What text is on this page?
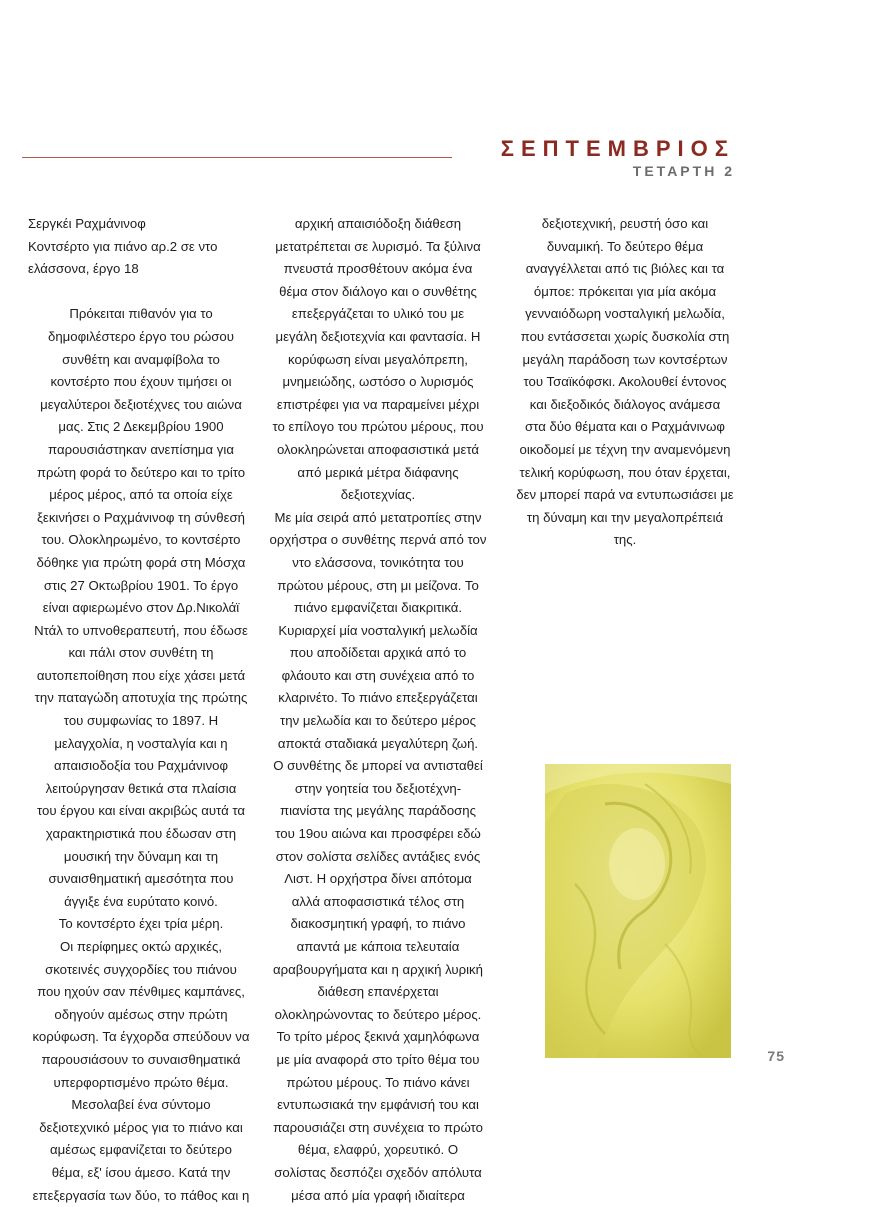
ΣΕΠΤΕΜΒΡΙΟΣ
ΤΕΤΑΡΤΗ 2

Σεργκέι Ραχμάνινοφ

Κοντσέρτο για πιάνο αρ.2 σε ντο

ελάσσονα, έργο 18

Πρόκειται πιθανόν για το

δημοφιλέστερο έργο του ρώσου

συνθέτη και αναμφίβολα το

κοντσέρτο που έχουν τιμήσει οι

μεγαλύτεροι δεξιοτέχνες του αιώνα

μας. Στις 2 Δεκεμβρίου 1900

παρουσιάστηκαν ανεπίσημα για

πρώτη φορά το δεύτερο και το τρίτο

μέρος μέρος, από τα οποία είχε

ξεκινήσει ο Ραχμάνινοφ τη σύνθεσή

του. Ολοκληρωμένο, το κοντσέρτο

δόθηκε για πρώτη φορά στη Μόσχα

στις 27 Οκτωβρίου 1901. Το έργο

είναι αφιερωμένο στον Δρ.Νικολάϊ

Ντάλ το υπνοθεραπευτή, που έδωσε

και πάλι στον συνθέτη τη

αυτοπεποίθηση που είχε χάσει μετά

την παταγώδη αποτυχία της πρώτης

του συμφωνίας το 1897. Η

μελαγχολία, η νοσταλγία και η

απαισιοδοξία του Ραχμάνινοφ

λειτούργησαν θετικά στα πλαίσια

του έργου και είναι ακριβώς αυτά τα

χαρακτηριστικά που έδωσαν στη

μουσική την δύναμη και τη

συναισθηματική αμεσότητα που

άγγιξε ένα ευρύτατο κοινό.

Το κοντσέρτο έχει τρία μέρη.

Οι περίφημες οκτώ αρχικές,

σκοτεινές συγχορδίες του πιάνου

που ηχούν σαν πένθιμες καμπάνες,

οδηγούν αμέσως στην πρώτη

κορύφωση. Τα έγχορδα σπεύδουν να

παρουσιάσουν το συναισθηματικά

υπερφορτισμένο πρώτο θέμα.

Μεσολαβεί ένα σύντομο

δεξιοτεχνικό μέρος για το πιάνο και

αμέσως εμφανίζεται το δεύτερο

θέμα, εξ' ίσου άμεσο. Κατά την

επεξεργασία των δύο, το πάθος και η

αρχική απαισιόδοξη διάθεση

μετατρέπεται σε λυρισμό. Τα ξύλινα

πνευστά προσθέτουν ακόμα ένα

θέμα στον διάλογο και ο συνθέτης

επεξεργάζεται το υλικό του με

μεγάλη δεξιοτεχνία και φαντασία. Η

κορύφωση είναι μεγαλόπρεπη,

μνημειώδης, ωστόσο ο λυρισμός

επιστρέφει για να παραμείνει μέχρι

το επίλογο του πρώτου μέρους, που

ολοκληρώνεται αποφασιστικά μετά

από μερικά μέτρα διάφανης

δεξιοτεχνίας.

Με μία σειρά από μετατροπίες στην

ορχήστρα ο συνθέτης περνά από τον

ντο ελάσσονα, τονικότητα του

πρώτου μέρους, στη μι μείζονα. Το

πιάνο εμφανίζεται διακριτικά.

Κυριαρχεί μία νοσταλγική μελωδία

που αποδίδεται αρχικά από το

φλάουτο και στη συνέχεια από το

κλαρινέτο. Το πιάνο επεξεργάζεται

την μελωδία και το δεύτερο μέρος

αποκτά σταδιακά μεγαλύτερη ζωή.

Ο συνθέτης δε μπορεί να αντισταθεί

στην γοητεία του δεξιοτέχνη-

πιανίστα της μεγάλης παράδοσης

του 19ου αιώνα και προσφέρει εδώ

στον σολίστα σελίδες αντάξιες ενός

Λιστ. Η ορχήστρα δίνει απότομα

αλλά αποφασιστικά τέλος στη

διακοσμητική γραφή, το πιάνο

απαντά με κάποια τελευταία

αραβουργήματα και η αρχική λυρική

διάθεση επανέρχεται

ολοκληρώνοντας το δεύτερο μέρος.

Το τρίτο μέρος ξεκινά χαμηλόφωνα

με μία αναφορά στο τρίτο θέμα του

πρώτου μέρους. Το πιάνο κάνει

εντυπωσιακά την εμφάνισή του και

παρουσιάζει στη συνέχεια το πρώτο

θέμα, ελαφρύ, χορευτικό. Ο

σολίστας δεσπόζει σχεδόν απόλυτα

μέσα από μία γραφή ιδιαίτερα

δεξιοτεχνική, ρευστή όσο και

δυναμική. Το δεύτερο θέμα

αναγγέλλεται από τις βιόλες και τα

όμποε: πρόκειται για μία ακόμα

γενναιόδωρη νοσταλγική μελωδία,

που εντάσσεται χωρίς δυσκολία στη

μεγάλη παράδοση των κοντσέρτων

του Τσαϊκόφσκι. Ακολουθεί έντονος

και διεξοδικός διάλογος ανάμεσα

στα δύο θέματα και ο Ραχμάνινωφ

οικοδομεί με τέχνη την αναμενόμενη

τελική κορύφωση, που όταν έρχεται,

δεν μπορεί παρά να εντυπωσιάσει με

τη δύναμη και την μεγαλοπρέπειά

της.

75
